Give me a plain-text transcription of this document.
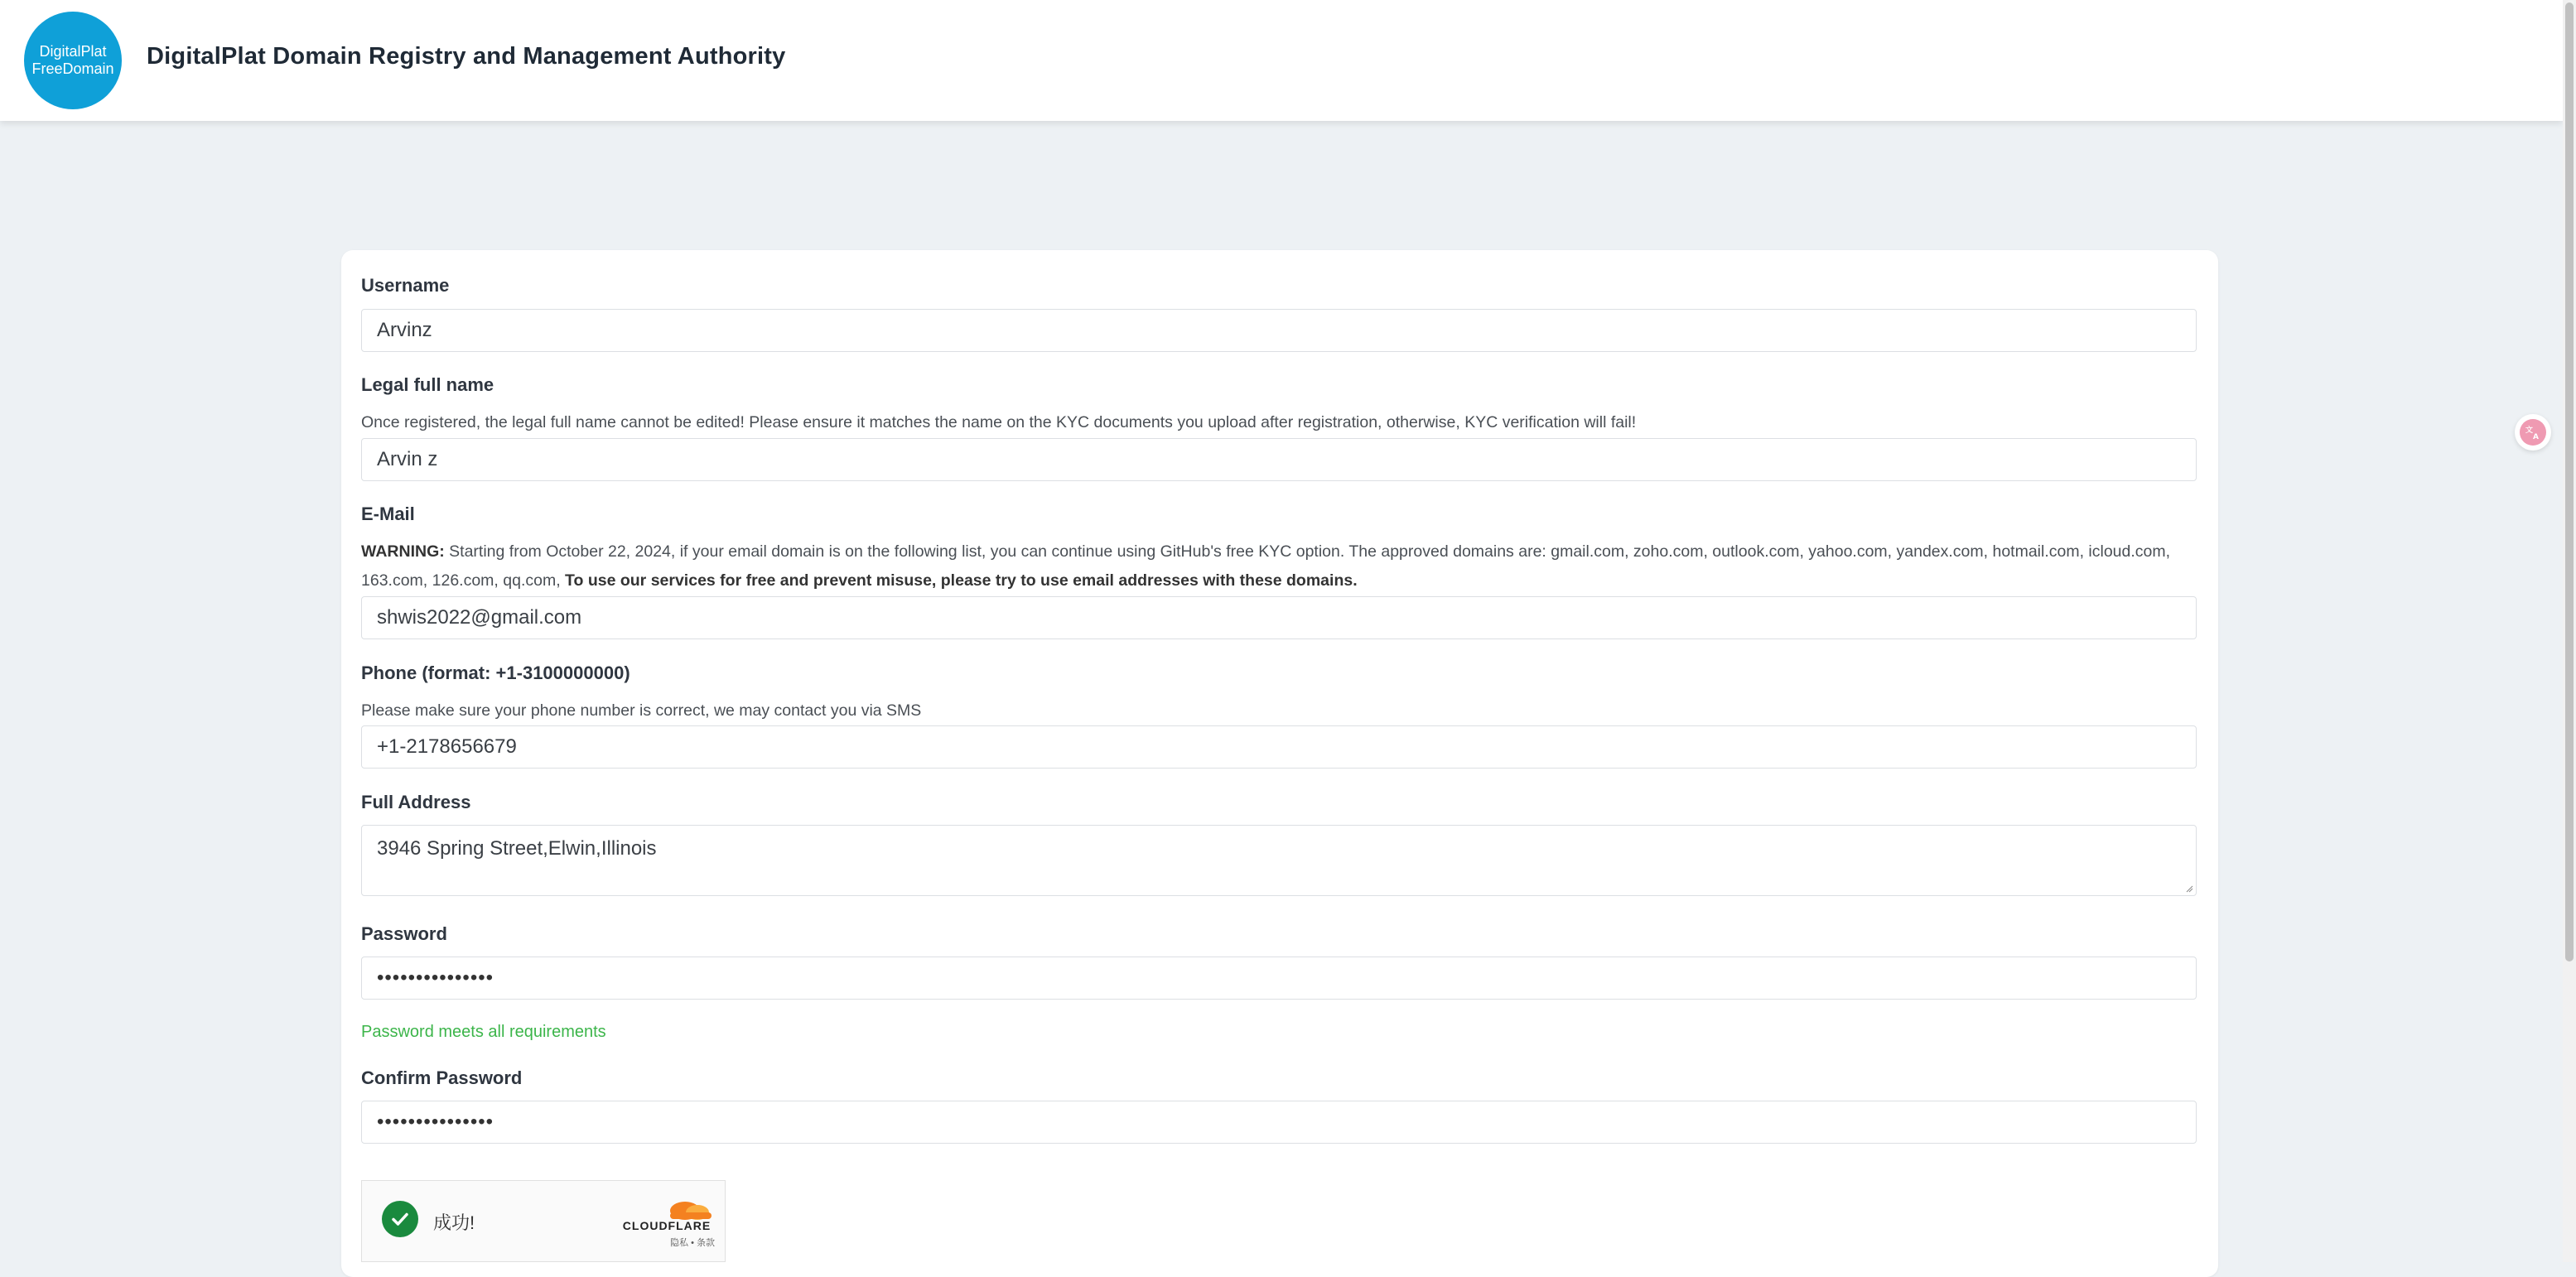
DigitalPlat
FreeDomain DigitalPlat Domain Registry and Management Authority
文
A
Username
Arvinz
Legal full name
Once registered, the legal full name cannot be edited! Please ensure it matches the name on the KYC documents you upload after registration, otherwise, KYC verification will fail!
Arvin z
E-Mail
WARNING: Starting from October 22, 2024, if your email domain is on the following list, you can continue using GitHub's free KYC option. The approved domains are: gmail.com, zoho.com, outlook.com, yahoo.com, yandex.com, hotmail.com, icloud.com, 163.com, 126.com, qq.com, To use our services for free and prevent misuse, please try to use email addresses with these domains.
shwis2022@gmail.com
Phone (format: +1-3100000000)
Please make sure your phone number is correct, we may contact you via SMS
+1-2178656679
Full Address
3946 Spring Street,Elwin,Illinois
Password
•••••••••••••••
Password meets all requirements
Confirm Password
•••••••••••••••
成功!	CLOUDFLARE
隐私 • 条款
